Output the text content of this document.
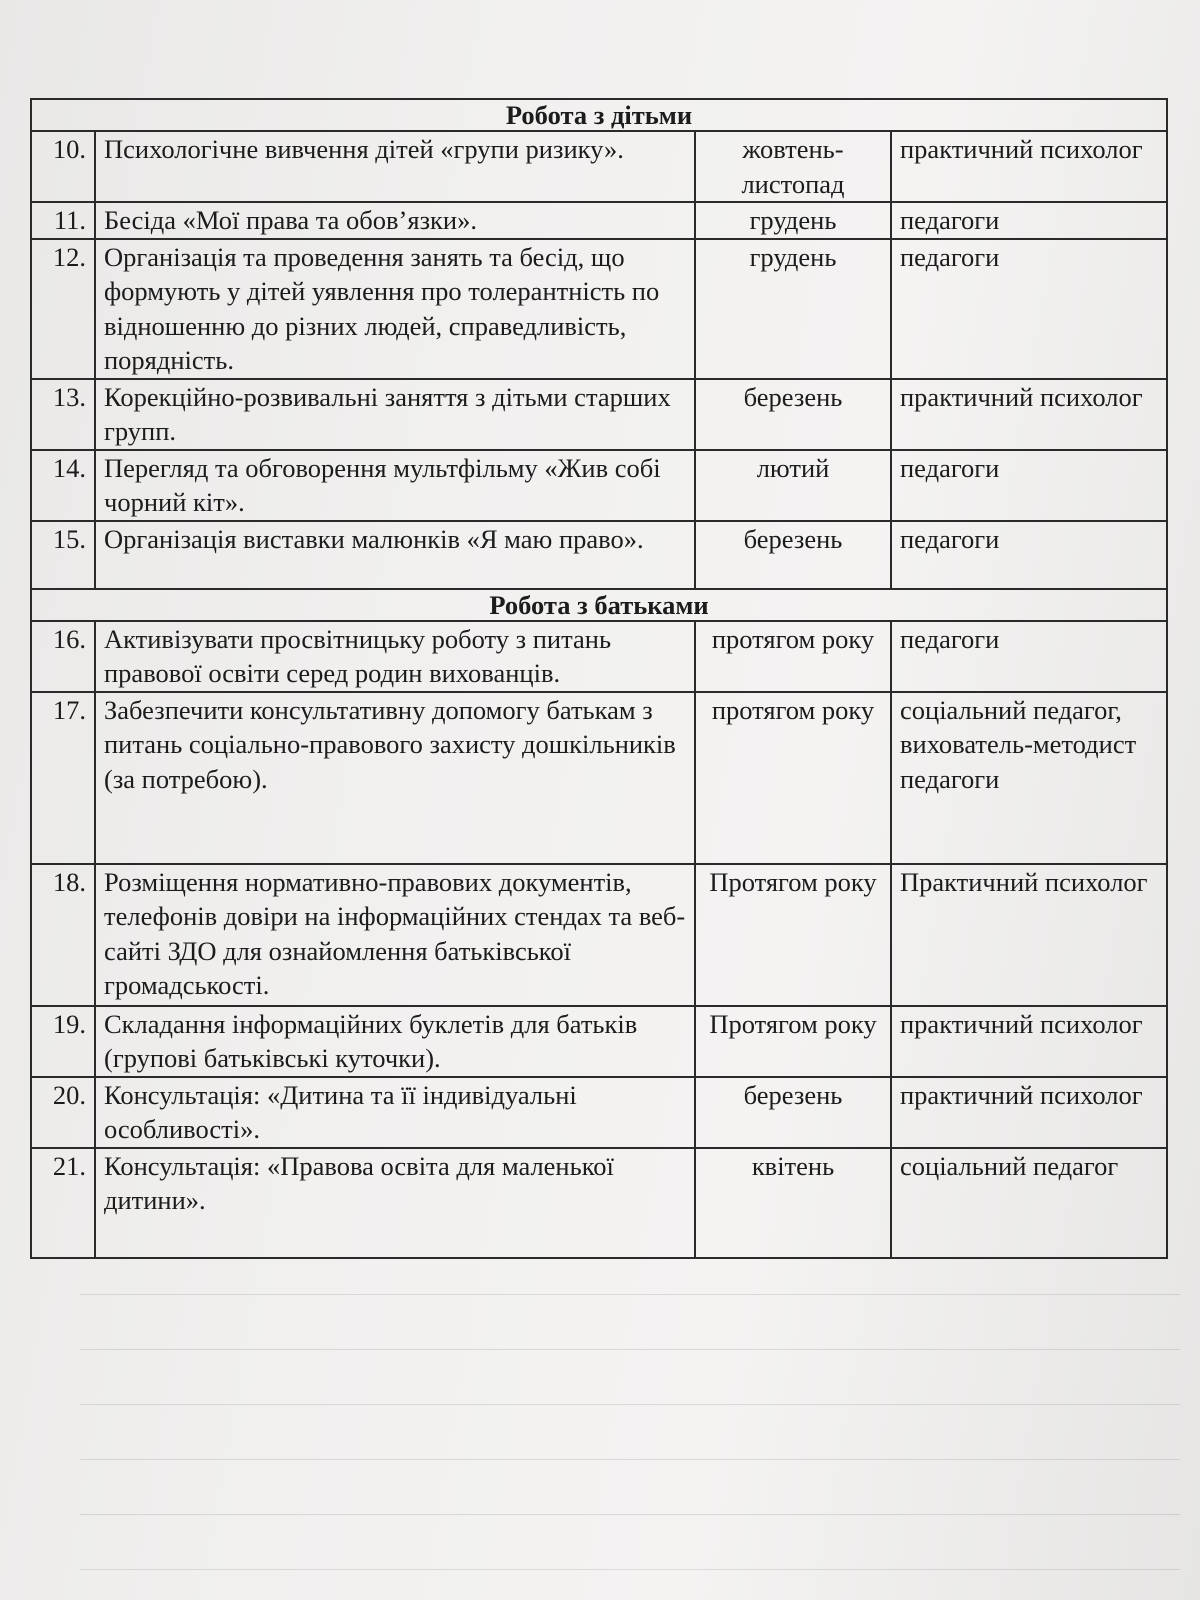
Робота з дітьми			
10.	Психологічне вивчення дітей «групи ризику».	жовтень-листопад	практичний психолог
11.	Бесіда «Мої права та обов’язки».	грудень	педагоги
12.	Організація та проведення занять та бесід, що формують у дітей уявлення про толерантність по відношенню до різних людей, справедливість, порядність.	грудень	педагоги
13.	Корекційно-розвивальні заняття з дітьми старших групп.	березень	практичний психолог
14.	Перегляд та обговорення мультфільму «Жив собі чорний кіт».	лютий	педагоги
15.	Організація виставки малюнків «Я маю право».	березень	педагоги
Робота з батьками			
16.	Активізувати просвітницьку роботу з питань правової освіти серед родин вихованців.	протягом року	педагоги
17.	Забезпечити консультативну допомогу батькам з питань соціально-правового захисту дошкільників (за потребою).	протягом року	соціальний педагог, вихователь-методист педагоги
18.	Розміщення нормативно-правових документів, телефонів довіри на інформаційних стендах та веб-сайті ЗДО для ознайомлення батьківської громадськості.	Протягом року	Практичний психолог
19.	Складання інформаційних буклетів для батьків (групові батьківські куточки).	Протягом року	практичний психолог
20.	Консультація: «Дитина та її індивідуальні особливості».	березень	практичний психолог
21.	Консультація: «Правова освіта для маленької дитини».	квітень	соціальний педагог
